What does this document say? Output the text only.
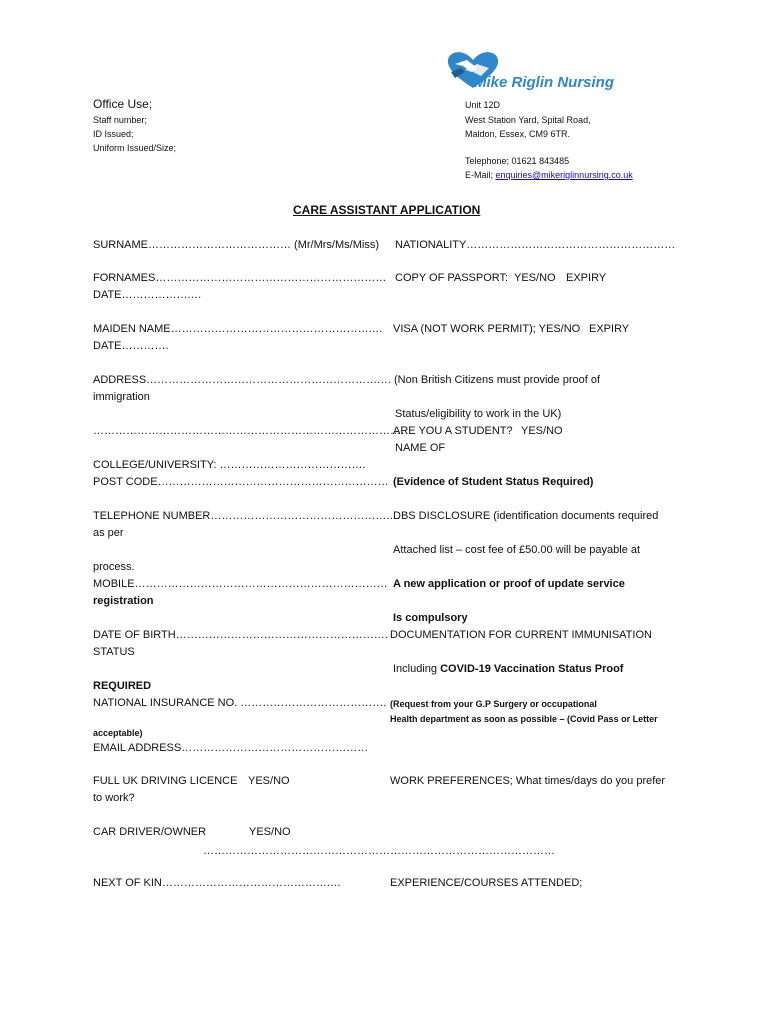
Mike Riglin Nursing
Office Use;
Staff number;
ID Issued;
Uniform Issued/Size;
Unit 12D
West Station Yard, Spital Road,
Maldon, Essex, CM9 6TR.
Telephone; 01621 843485
E-Mail; enquiries@mikeriglinnursing.co.uk
CARE ASSISTANT APPLICATION
SURNAME………………………………… (Mr/Mrs/Ms/Miss)
FORNAMES………………………………………………………
DATE……………….…
MAIDEN NAME……………………………………………….…
DATE………….
ADDRESS……………………………………………………….…
immigration
………………………………………………………………………….
COLLEGE/UNIVERSITY: ………………………………….
POST CODE………………………………………………………
TELEPHONE NUMBER………………………………………….…
as per
process.
MOBILE……………………………………………………………
registration
DATE OF BIRTH………………………………………………….
STATUS
REQUIRED
NATIONAL INSURANCE NO. ………………………………….
acceptable)
EMAIL ADDRESS……………………………………………
FULL UK DRIVING LICENCE YES/NO
to work?
CAR DRIVER/OWNER	YES/NO
……………………………………………………………………………………
NEXT OF KIN……………………………………….…
NATIONALITY…………………………………………………
COPY OF PASSPORT: YES/NO EXPIRY
VISA (NOT WORK PERMIT); YES/NO EXPIRY
(Non British Citizens must provide proof of
Status/eligibility to work in the UK)
ARE YOU A STUDENT? YES/NO
NAME OF
(Evidence of Student Status Required)
DBS DISCLOSURE (identification documents required
Attached list – cost fee of £50.00 will be payable at
A new application or proof of update service
Is compulsory
DOCUMENTATION FOR CURRENT IMMUNISATION
Including COVID-19 Vaccination Status Proof
(Request from your G.P Surgery or occupational
Health department as soon as possible – (Covid Pass or Letter
WORK PREFERENCES; What times/days do you prefer
EXPERIENCE/COURSES ATTENDED;
